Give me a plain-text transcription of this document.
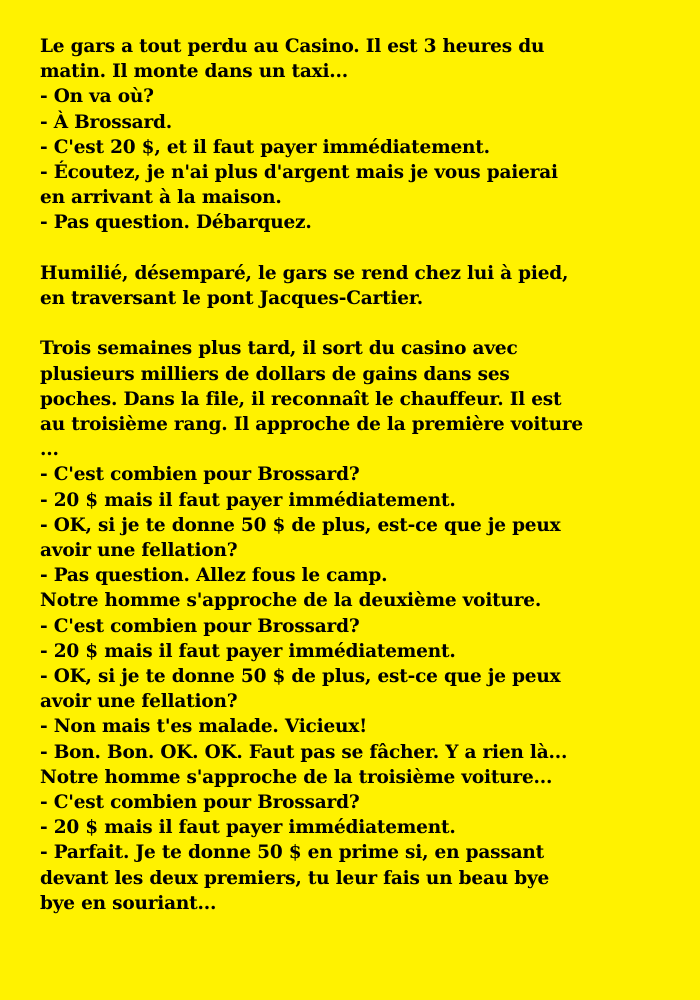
Le gars a tout perdu au Casino. Il est 3 heures du
matin. Il monte dans un taxi...
- On va où?
- À Brossard.
- C'est 20 $, et il faut payer immédiatement.
- Écoutez, je n'ai plus d'argent mais je vous paierai
en arrivant à la maison.
- Pas question. Débarquez.
Humilié, désemparé, le gars se rend chez lui à pied,
en traversant le pont Jacques-Cartier.
Trois semaines plus tard, il sort du casino avec
plusieurs milliers de dollars de gains dans ses
poches. Dans la file, il reconnaît le chauffeur. Il est
au troisième rang. Il approche de la première voiture
...
- C'est combien pour Brossard?
- 20 $ mais il faut payer immédiatement.
- OK, si je te donne 50 $ de plus, est-ce que je peux
avoir une fellation?
- Pas question. Allez fous le camp.
Notre homme s'approche de la deuxième voiture.
- C'est combien pour Brossard?
- 20 $ mais il faut payer immédiatement.
- OK, si je te donne 50 $ de plus, est-ce que je peux
avoir une fellation?
- Non mais t'es malade. Vicieux!
- Bon. Bon. OK. OK. Faut pas se fâcher. Y a rien là...
Notre homme s'approche de la troisième voiture...
- C'est combien pour Brossard?
- 20 $ mais il faut payer immédiatement.
- Parfait. Je te donne 50 $ en prime si, en passant
devant les deux premiers, tu leur fais un beau bye
bye en souriant...
